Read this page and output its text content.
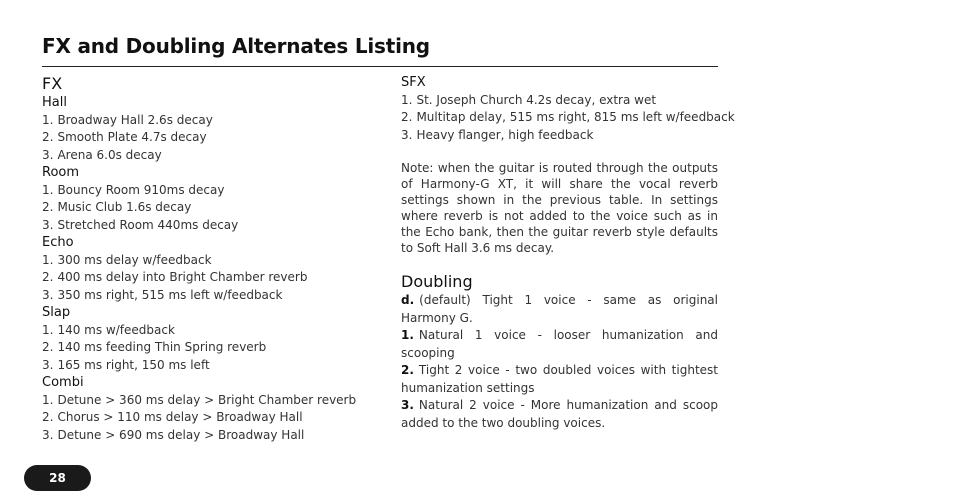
FX and Doubling Alternates Listing
FX
Hall
1. Broadway Hall 2.6s decay
2. Smooth Plate 4.7s decay
3. Arena 6.0s decay
Room
1. Bouncy Room 910ms decay
2. Music Club 1.6s decay
3. Stretched Room 440ms decay
Echo
1. 300 ms delay w/feedback
2. 400 ms delay into Bright Chamber reverb
3. 350 ms right, 515 ms left w/feedback
Slap
1. 140 ms w/feedback
2. 140 ms feeding Thin Spring reverb
3. 165 ms right, 150 ms left
Combi
1. Detune > 360 ms delay > Bright Chamber reverb
2. Chorus > 110 ms delay > Broadway Hall
3. Detune > 690 ms delay > Broadway Hall
SFX
1. St. Joseph Church 4.2s decay, extra wet
2. Multitap delay, 515 ms right, 815 ms left w/feedback
3. Heavy flanger, high feedback
Note: when the guitar is routed through the outputs of Harmony-G XT, it will share the vocal reverb settings shown in the previous table. In settings where reverb is not added to the voice such as in the Echo bank, then the guitar reverb style defaults to Soft Hall 3.6 ms decay.
Doubling
d. (default) Tight 1 voice - same as original Harmony G.
1. Natural 1 voice - looser humanization and scooping
2. Tight 2 voice - two doubled voices with tightest humanization settings
3. Natural 2 voice - More humanization and scoop added to the two doubling voices.
28
